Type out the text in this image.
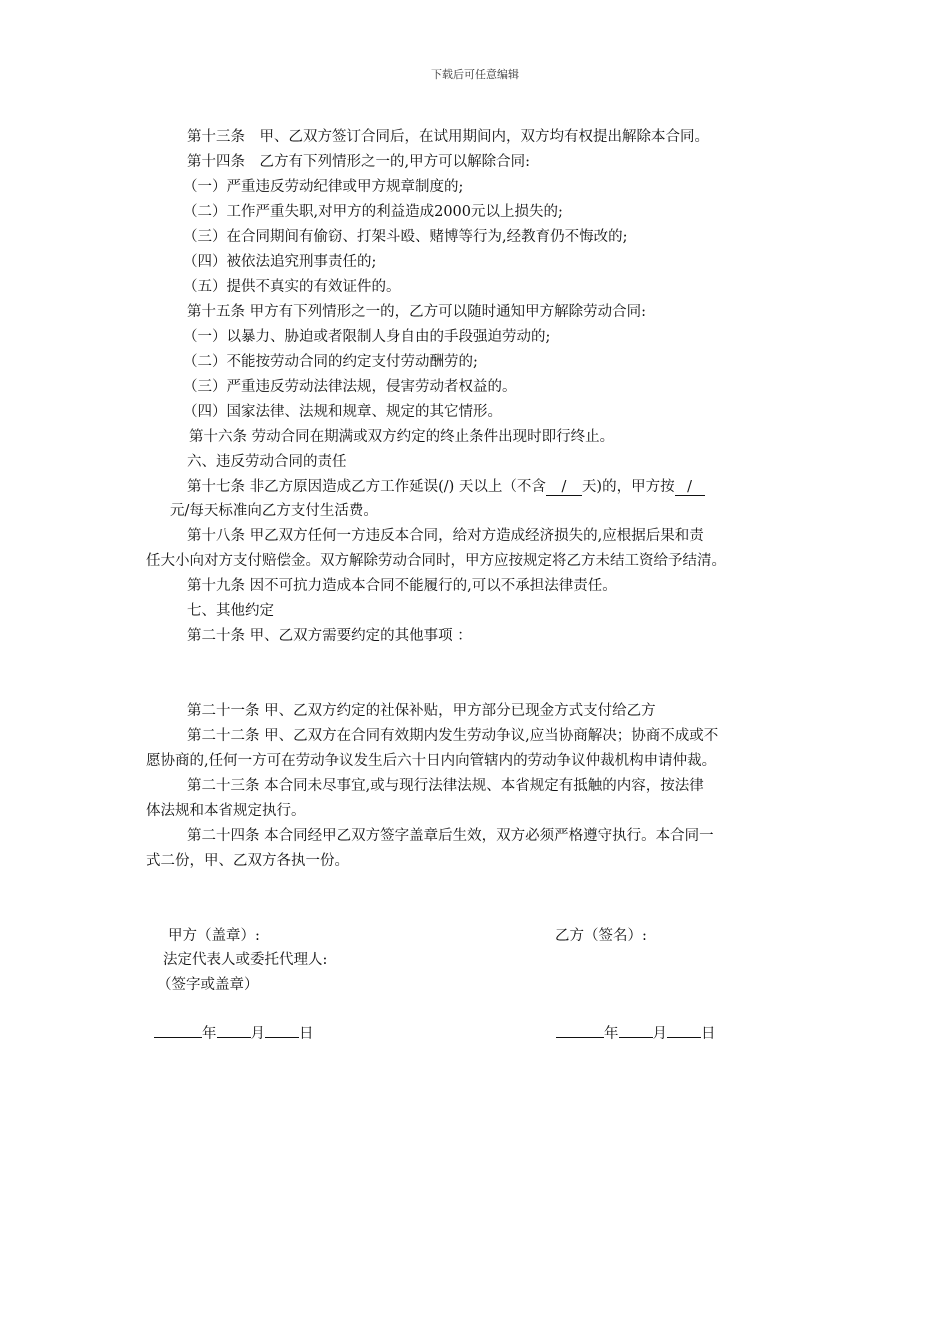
下载后可任意编辑
第十三条　甲、乙双方签订合同后，在试用期间内，双方均有权提出解除本合同。
第十四条　乙方有下列情形之一的,甲方可以解除合同:
（一）严重违反劳动纪律或甲方规章制度的;
（二）工作严重失职,对甲方的利益造成2000元以上损失的;
（三）在合同期间有偷窃、打架斗殴、赌博等行为,经教育仍不悔改的;
（四）被依法追究刑事责任的;
（五）提供不真实的有效证件的。
第十五条 甲方有下列情形之一的，乙方可以随时通知甲方解除劳动合同:
（一）以暴力、胁迫或者限制人身自由的手段强迫劳动的;
（二）不能按劳动合同的约定支付劳动酬劳的;
（三）严重违反劳动法律法规，侵害劳动者权益的。
（四）国家法律、法规和规章、规定的其它情形。
第十六条 劳动合同在期满或双方约定的终止条件出现时即行终止。
六、违反劳动合同的责任
第十七条 非乙方原因造成乙方工作延误(/) 天以上（不含 / 天)的，甲方按 /
元/每天标准向乙方支付生活费。
第十八条 甲乙双方任何一方违反本合同，给对方造成经济损失的,应根据后果和责
任大小向对方支付赔偿金。双方解除劳动合同时，甲方应按规定将乙方未结工资给予结清。
第十九条 因不可抗力造成本合同不能履行的,可以不承担法律责任。
七、其他约定
第二十条 甲、乙双方需要约定的其他事项 ：
第二十一条 甲、乙双方约定的社保补贴，甲方部分已现金方式支付给乙方
第二十二条 甲、乙双方在合同有效期内发生劳动争议,应当协商解决；协商不成或不
愿协商的,任何一方可在劳动争议发生后六十日内向管辖内的劳动争议仲裁机构申请仲裁。
第二十三条 本合同未尽事宜,或与现行法律法规、本省规定有抵触的内容，按法律
体法规和本省规定执行。
第二十四条 本合同经甲乙双方签字盖章后生效，双方必须严格遵守执行。本合同一
式二份，甲、乙双方各执一份。
甲方（盖章）:	乙方（签名）:
法定代表人或委托代理人:
（签字或盖章）
年 月 日	年 月 日
